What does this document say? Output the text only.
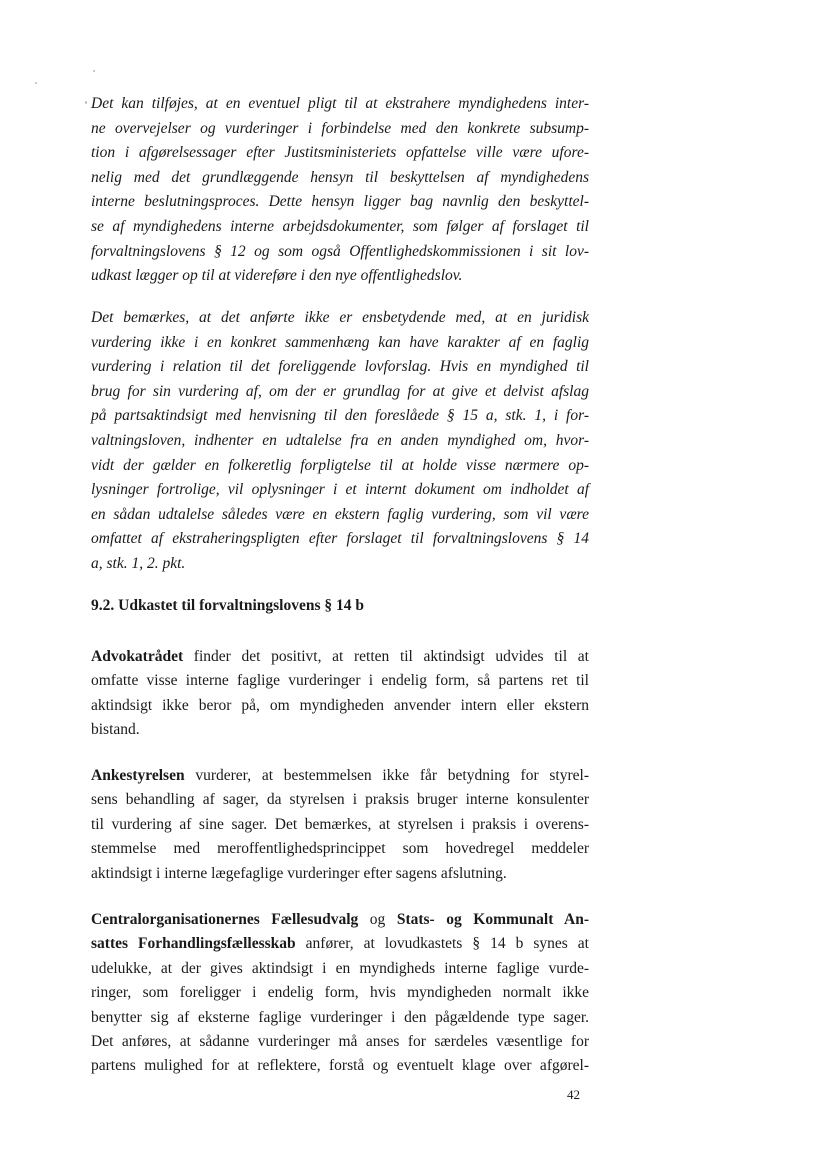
Det kan tilføjes, at en eventuel pligt til at ekstrahere myndighedens inter-
ne overvejelser og vurderinger i forbindelse med den konkrete subsump-
tion i afgørelsessager efter Justitsministeriets opfattelse ville være ufore-
nelig med det grundlæggende hensyn til beskyttelsen af myndighedens
interne beslutningsproces. Dette hensyn ligger bag navnlig den beskyttel-
se af myndighedens interne arbejdsdokumenter, som følger af forslaget til
forvaltningslovens § 12 og som også Offentlighedskommissionen i sit lov-
udkast lægger op til at videreføre i den nye offentlighedslov.
Det bemærkes, at det anførte ikke er ensbetydende med, at en juridisk
vurdering ikke i en konkret sammenhæng kan have karakter af en faglig
vurdering i relation til det foreliggende lovforslag. Hvis en myndighed til
brug for sin vurdering af, om der er grundlag for at give et delvist afslag
på partsaktindsigt med henvisning til den foreslåede § 15 a, stk. 1, i for-
valtningsloven, indhenter en udtalelse fra en anden myndighed om, hvor-
vidt der gælder en folkeretlig forpligtelse til at holde visse nærmere op-
lysninger fortrolige, vil oplysninger i et internt dokument om indholdet af
en sådan udtalelse således være en ekstern faglig vurdering, som vil være
omfattet af ekstraheringspligten efter forslaget til forvaltningslovens § 14
a, stk. 1, 2. pkt.
9.2. Udkastet til forvaltningslovens § 14 b
Advokatrådet finder det positivt, at retten til aktindsigt udvides til at
omfatte visse interne faglige vurderinger i endelig form, så partens ret til
aktindsigt ikke beror på, om myndigheden anvender intern eller ekstern
bistand.
Ankestyrelsen vurderer, at bestemmelsen ikke får betydning for styrel-
sens behandling af sager, da styrelsen i praksis bruger interne konsulenter
til vurdering af sine sager. Det bemærkes, at styrelsen i praksis i overens-
stemmelse med meroffentlighedsprincippet som hovedregel meddeler
aktindsigt i interne lægefaglige vurderinger efter sagens afslutning.
Centralorganisationernes Fællesudvalg og Stats- og Kommunalt An-
sattes Forhandlingsfællesskab anfører, at lovudkastets § 14 b synes at
udelukke, at der gives aktindsigt i en myndigheds interne faglige vurde-
ringer, som foreligger i endelig form, hvis myndigheden normalt ikke
benytter sig af eksterne faglige vurderinger i den pågældende type sager.
Det anføres, at sådanne vurderinger må anses for særdeles væsentlige for
partens mulighed for at reflektere, forstå og eventuelt klage over afgørel-
42
